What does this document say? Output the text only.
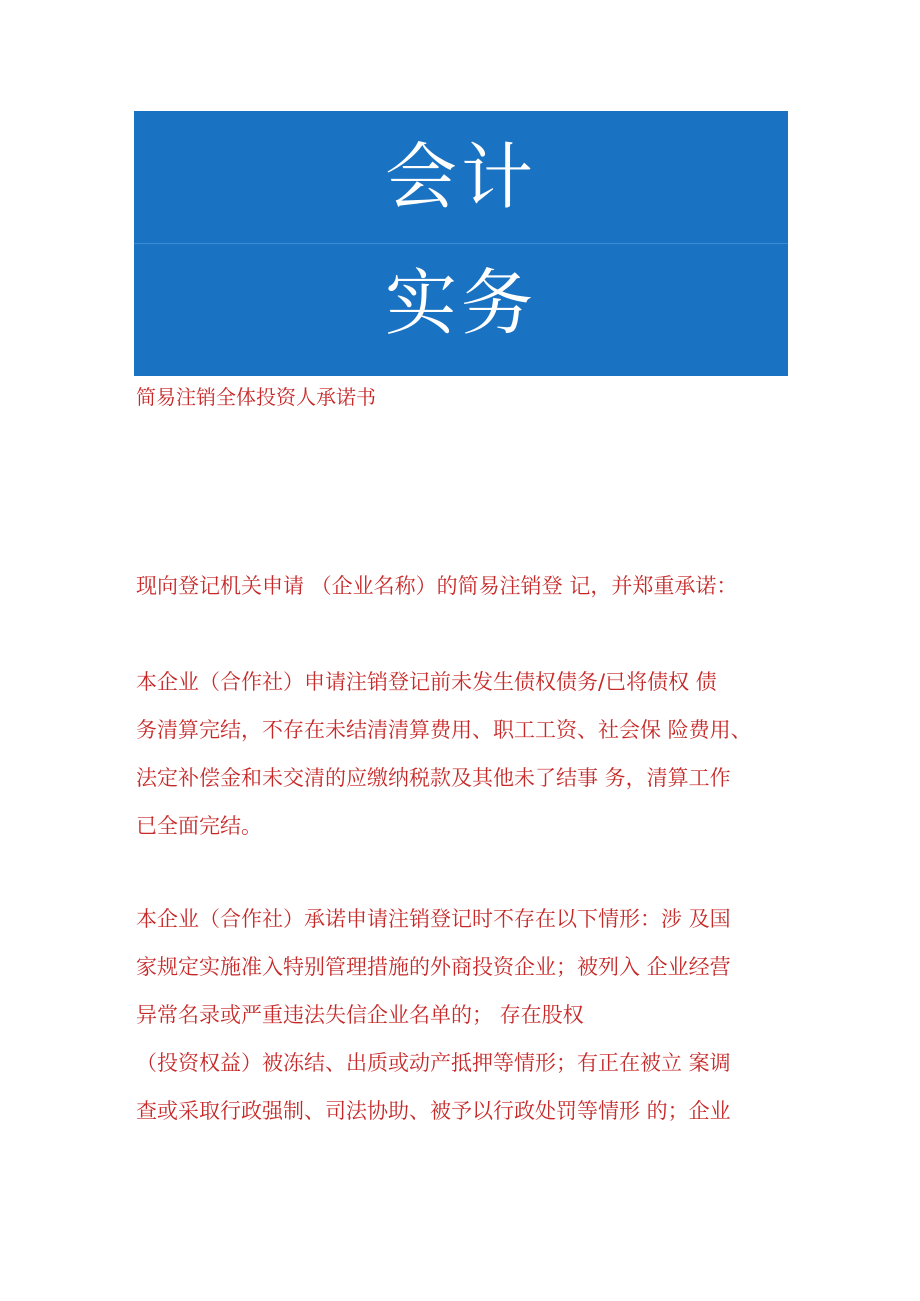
会计
实务
简易注销全体投资人承诺书

现向登记机关申请 （企业名称）的简易注销登 记，并郑重承诺：

本企业（合作社）申请注销登记前未发生债权债务/已将债权 债
务清算完结，不存在未结清清算费用、职工工资、社会保 险费用、
法定补偿金和未交清的应缴纳税款及其他未了结事 务，清算工作
已全面完结。

本企业（合作社）承诺申请注销登记时不存在以下情形：涉 及国
家规定实施准入特别管理措施的外商投资企业；被列入 企业经营
异常名录或严重违法失信企业名单的； 存在股权
（投资权益）被冻结、出质或动产抵押等情形；有正在被立 案调
查或采取行政强制、司法协助、被予以行政处罚等情形 的；企业
